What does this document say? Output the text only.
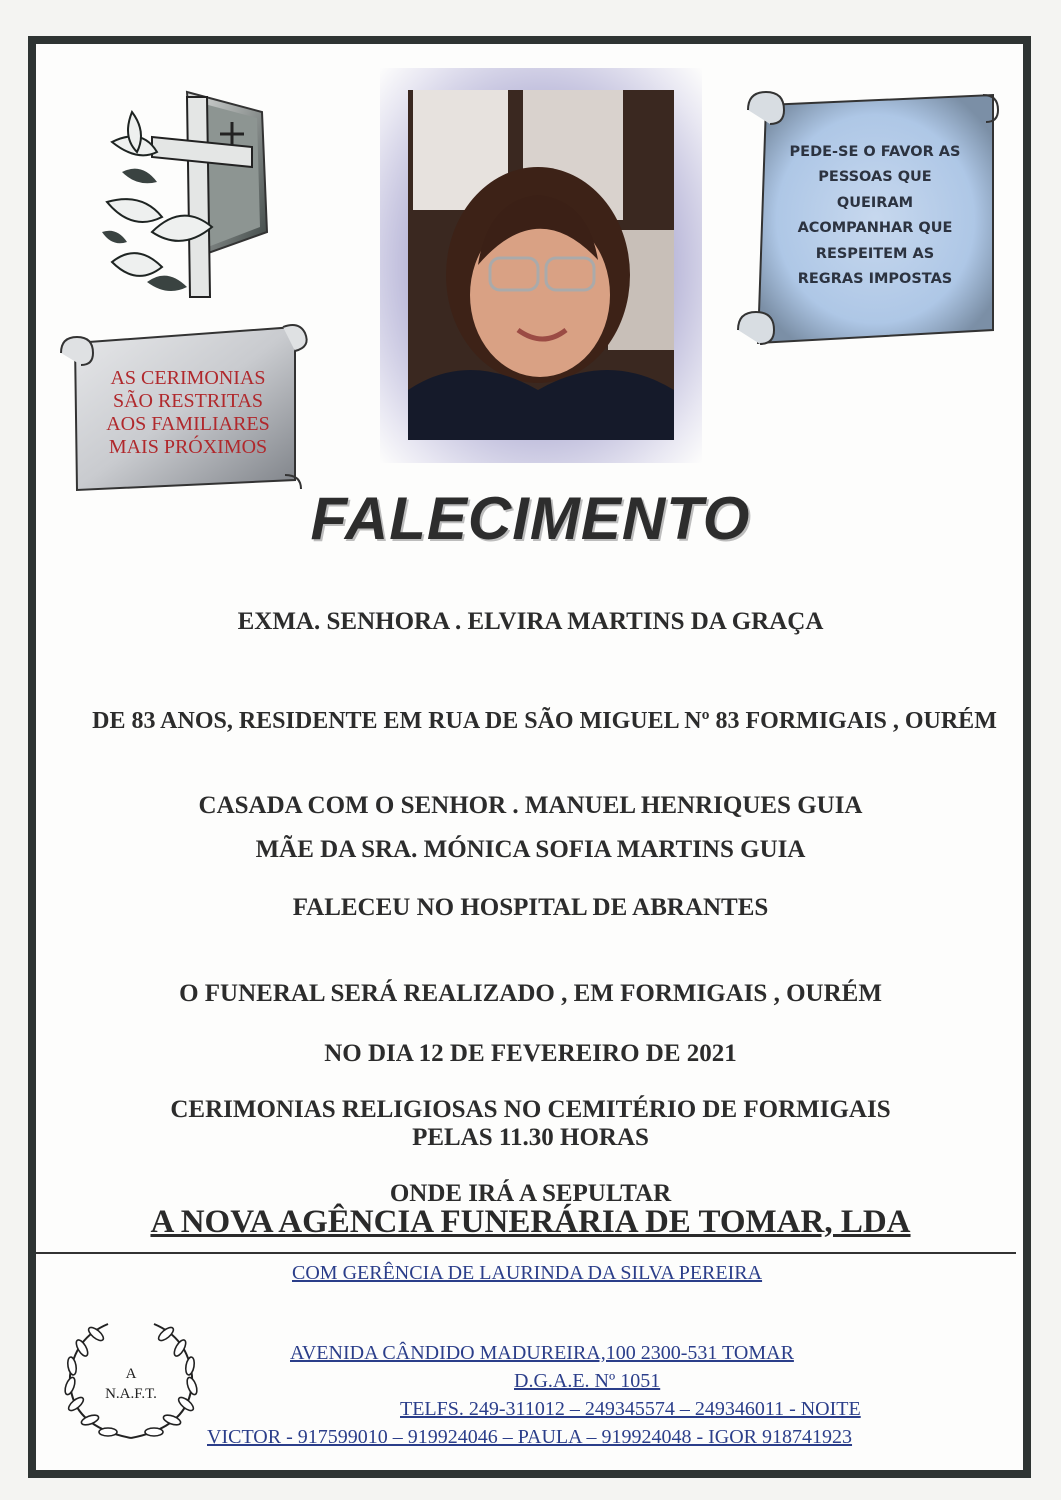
PEDE-SE O FAVOR AS
PESSOAS QUE
QUEIRAM
ACOMPANHAR QUE
RESPEITEM AS
REGRAS IMPOSTAS
AS CERIMONIAS
SÃO RESTRITAS
AOS FAMILIARES
MAIS PRÓXIMOS
FALECIMENTO
EXMA. SENHORA . ELVIRA MARTINS DA GRAÇA
DE 83 ANOS, RESIDENTE EM RUA DE SÃO MIGUEL Nº 83 FORMIGAIS , OURÉM
CASADA COM O SENHOR . MANUEL HENRIQUES GUIA
MÃE DA SRA. MÓNICA SOFIA MARTINS GUIA
FALECEU NO HOSPITAL DE ABRANTES
O FUNERAL SERÁ REALIZADO , EM FORMIGAIS , OURÉM
NO DIA 12 DE FEVEREIRO DE 2021
CERIMONIAS RELIGIOSAS NO CEMITÉRIO DE FORMIGAIS
PELAS 11.30 HORAS
ONDE IRÁ A SEPULTAR
A NOVA AGÊNCIA FUNERÁRIA DE TOMAR, LDA
COM GERÊNCIA DE LAURINDA DA SILVA PEREIRA
AVENIDA CÂNDIDO MADUREIRA,100 2300-531 TOMAR
D.G.A.E. Nº 1051
TELFS. 249-311012 – 249345574 – 249346011 - NOITE
VICTOR - 917599010 – 919924046 – PAULA – 919924048 - IGOR 918741923
A
N.A.F.T.
